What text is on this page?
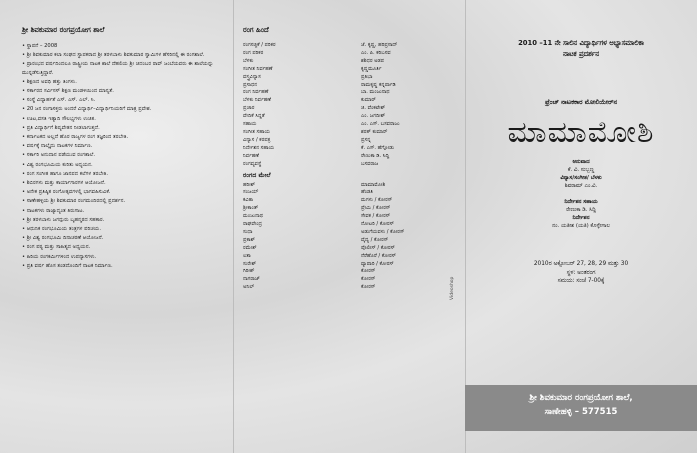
ಶ್ರೀ ಶಿವಕುಮಾರ ರಂಗಪ್ರಯೋಗ ಶಾಲೆ
• ಸ್ಥಾಪನೆ – 2008
• ಶ್ರೀ ಶಿವಕುಮಾರ ಕಲಾ ಸಂಘದ ಸ್ಥಾಪಕರಾದ ಶ್ರೀ ತರಳಬಾಳು ಶಿವಕುಮಾರ ಸ್ವಾಮಿಗಳ ಹೆಸರಿನಲ್ಲಿ ಈ ರಂಗಶಾಲೆ.
• ಪ್ರಾರಂಭದ ವರ್ಷದಿಂದಲೂ ರಾಷ್ಟ್ರೀಯ ನಾಟಕ ಶಾಲೆ ದೆಹಲಿಯ ಶ್ರೀ ಚಿದಂಬರ ರಾವ್ ಜಂಬೆಯವರು ಈ ಶಾಲೆಯನ್ನು ಮುನ್ನಡೆಸುತ್ತಿದ್ದಾರೆ.
• ಶಿಕ್ಷಣದ ಅವಧಿ ಹತ್ತು ತಿಂಗಳು.
• ಸರ್ಕಾರದ ಸರ್ವಿಸಸ್ ಶಿಕ್ಷಣ ಮಂಡಳಿಯಿಂದ ಮಾನ್ಯತೆ.
• ಸಂಸ್ಥೆ ವಿದ್ಯಾರ್ಹತೆ ಎಸ್. ಎಸ್. ಎಲ್. ಸಿ.
• 20 ಜನ ರಂಗಾಸಕ್ತರು ಅಂದರೆ ವಿದ್ಯಾರ್ಥಿ–ವಿದ್ಯಾರ್ಥಿನಿಯರಿಗೆ ಮಾತ್ರ ಪ್ರವೇಶ.
• ಊಟ,ವಸತಿ ಇತ್ಯಾದಿ ಸೌಲಭ್ಯಗಳು ಉಚಿತ.
• ಪ್ರತಿ ವಿದ್ಯಾರ್ಥಿಗೆ ಶಿಷ್ಯವೇತನ ನೀಡಲಾಗುತ್ತದೆ.
• ಕರ್ನಾಟಕದ ಅಲ್ಲದೆ ಹೊರ ರಾಜ್ಯಗಳ ರಂಗ ತಜ್ಞರಿಂದ ತರಬೇತಿ.
• ವರ್ಷಕ್ಕೆ ನಾಲ್ಕೈದು ನಾಟಕಗಳ ನಿರ್ಮಾಣ.
• ಸರ್ಕಾರಿ ಅನುದಾನ ಪಡೆಯುವ ರಂಗಶಾಲೆ.
• ವಿಶ್ವ ರಂಗಭೂಮಿಯ ಕುರಿತು ಅಧ್ಯಯನ.
• ರಂಗ ಸಂಗೀತ ಹಾಗೂ ಜಾನಪದ ಕಲೆಗಳ ತರಬೇತಿ.
• ಶಿಬಿರಗಳು ಮತ್ತು ಕಾರ್ಯಾಗಾರಗಳ ಆಯೋಜನೆ.
• ಅನೇಕ ಪ್ರತಿಷ್ಠಿತ ರಂಗೋತ್ಸವಗಳಲ್ಲಿ ಭಾಗವಹಿಸುವಿಕೆ.
• ಸಾಣೇಹಳ್ಳಿಯ ಶ್ರೀ ಶಿವಕುಮಾರ ರಂಗಮಂದಿರದಲ್ಲಿ ಪ್ರದರ್ಶನ.
• ನಾಟಕಗಳು ರಾಜ್ಯಾದ್ಯಂತ ತಿರುಗಾಟ.
• ಶ್ರೀ ತರಳಬಾಳು ಜಗದ್ಗುರು ಬೃಹನ್ಮಠದ ಸಹಕಾರ.
• ಆಧುನಿಕ ರಂಗಭೂಮಿಯ ತಂತ್ರಗಳ ಪರಿಚಯ.
• ಶ್ರೀ ವಿಶ್ವ ರಂಗಭೂಮಿ ದಿನಾಚರಣೆ ಆಯೋಜನೆ.
• ರಂಗ ಪಠ್ಯ ಮತ್ತು ಸಾಹಿತ್ಯದ ಅಧ್ಯಯನ.
• ಹಿರಿಯ ರಂಗಕರ್ಮಿಗಳಿಂದ ಉಪನ್ಯಾಸಗಳು.
• ಪ್ರತಿ ವರ್ಷ ಹೊಸ ತಂಡದೊಂದಿಗೆ ನಾಟಕ ನಿರ್ಮಾಣ.
ರಂಗ ಹಿಂದೆ
ರಂಗಸಜ್ಜಿಕೆ / ಪರಿಕರ	ಜೆ. ಕೃಷ್ಣ, ಹರಿಪ್ರಸಾದ್
ರಂಗ ಪರಿಕರ	ಎಂ. ಪಿ. ಕರಿಬಸವ
ಬೆಳಕು	ಶಶಿಧರ ಅಡಪ
ಸಂಗೀತ ನಿರ್ವಹಣೆ	ಕೃಷ್ಣಮೂರ್ತಿ
ವಸ್ತ್ರವಿನ್ಯಾಸ	ಪ್ರತಿಭಾ
ಪ್ರಸಾಧನ	ರಾಮಕೃಷ್ಣ ಕನ್ನರ್ಪಾಡಿ
ರಂಗ ನಿರ್ವಹಣೆ	ಬಾ. ಮಂಜುನಾಥ
ಬೆಳಕು ನಿರ್ವಹಣೆ	ಕುಮಾರ್
ಪ್ರಚಾರ	ಜಿ. ವೆಂಕಟೇಶ್
ವೇದಿಕೆ ಸಿದ್ಧತೆ	ಎಂ. ಜಗದೀಶ್
ಸಹಾಯ	ಎಂ. ಎಸ್. ಬಸವರಾಜು
ಸಂಗೀತ ಸಹಾಯ	ಶರತ್ ಕುಮಾರ್
ವಿನ್ಯಾಸ / ಕರಪತ್ರ	ಪ್ರಸನ್ನ
ನಿರ್ದೇಶನ ಸಹಾಯ	ಕೆ. ಎಸ್. ಹೆಗ್ಗೋಡು
ನಿರ್ವಹಣೆ	ರೇಣುಕಾ ಡಿ. ಸಿದ್ದಿ
ರಂಗವ್ಯವಸ್ಥೆ	ಬಸವರಾಜ
ರಂಗದ ಮೇಲೆ
ಹರೀಶ್	ಮಾಮಾಮೋಶಿ
ಸಂಜಯ್	ಹೆಂಡತಿ
ಕವಿತಾ	ಮಗಳು / ಕೋರಸ್
ಶ್ರೀಕಾಂತ್	ಪ್ರೇಮಿ / ಕೋರಸ್
ಮಂಜುನಾಥ	ಸೇವಕ / ಕೋರಸ್
ರಾಘವೇಂದ್ರ	ನೋಟರಿ / ಕೋರಸ್
ಸುಧಾ	ಅಡುಗೆಯವಳು / ಕೋರಸ್
ಪ್ರಕಾಶ್	ವೈದ್ಯ / ಕೋರಸ್
ರಮೇಶ್	ಪೊಲೀಸ್ / ಕೋರಸ್
ಲತಾ	ನೆರೆಹೊರೆ / ಕೋರಸ್
ಸುರೇಶ್	ವ್ಯಾಪಾರಿ / ಕೋರಸ್
ಗಿರೀಶ್	ಕೋರಸ್
ನಾಗರಾಜ್	ಕೋರಸ್
ಅನಿಲ್	ಕೋರಸ್	Videoshop
2010 –11 ನೇ ಸಾಲಿನ ವಿದ್ಯಾರ್ಥಿಗಳ ಅಭ್ಯಾಸಮಾಲಿಕಾ
ನಾಟಕ ಪ್ರದರ್ಶನ
ಫ್ರೆಂಚ್ ನಾಟಕಕಾರ ಮೋಲಿಯೇರ್‌ನ
ಮಾಮಾಮೋಶಿ
ಅನುವಾದ
ಕೆ. ವಿ. ಸುಬ್ಬಣ್ಣ
ವಿನ್ಯಾಸ/ಸಂಗೀತ/ ಬೆಳಕು
ಶಿವರಾಮ್ ಎಂ.ವಿ.
ನಿರ್ದೇಶನ ಸಹಾಯ
ರೇಣುಕಾ ಡಿ. ಸಿದ್ದಿ
ನಿರ್ದೇಶನ
ನಂ. ಯತೀಶ (ಯತಿ) ಕೊಳ್ಳೇಗಾಲ
2010ರ ಅಕ್ಟೋಬರ್ 27, 28, 29 ಮತ್ತು 30
ಸ್ಥಳ: ಅಂತರಂಗ
ಸಮಯ: ಸಂಜೆ 7-00ಕ್ಕೆ
ಶ್ರೀ ಶಿವಕುಮಾರ ರಂಗಪ್ರಯೋಗ ಶಾಲೆ,
ಸಾಣೇಹಳ್ಳಿ – 577515
